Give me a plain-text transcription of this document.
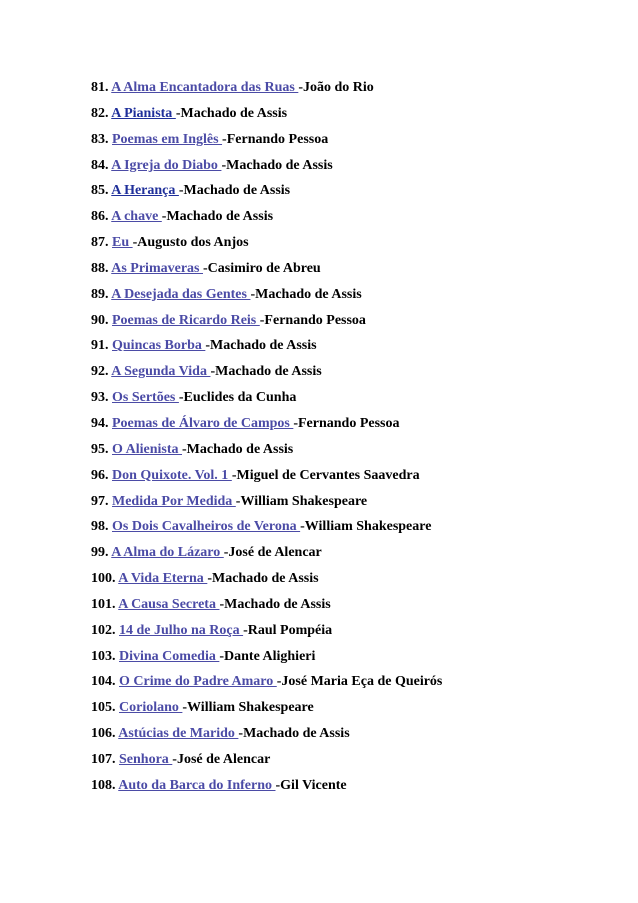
81. A Alma Encantadora das Ruas -João do Rio
82. A Pianista -Machado de Assis
83. Poemas em Inglês -Fernando Pessoa
84. A Igreja do Diabo -Machado de Assis
85. A Herança -Machado de Assis
86. A chave -Machado de Assis
87. Eu -Augusto dos Anjos
88. As Primaveras -Casimiro de Abreu
89. A Desejada das Gentes -Machado de Assis
90. Poemas de Ricardo Reis -Fernando Pessoa
91. Quincas Borba -Machado de Assis
92. A Segunda Vida -Machado de Assis
93. Os Sertões -Euclides da Cunha
94. Poemas de Álvaro de Campos -Fernando Pessoa
95. O Alienista -Machado de Assis
96. Don Quixote. Vol. 1 -Miguel de Cervantes Saavedra
97. Medida Por Medida -William Shakespeare
98. Os Dois Cavalheiros de Verona -William Shakespeare
99. A Alma do Lázaro -José de Alencar
100. A Vida Eterna -Machado de Assis
101. A Causa Secreta -Machado de Assis
102. 14 de Julho na Roça -Raul Pompéia
103. Divina Comedia -Dante Alighieri
104. O Crime do Padre Amaro -José Maria Eça de Queirós
105. Coriolano -William Shakespeare
106. Astúcias de Marido -Machado de Assis
107. Senhora -José de Alencar
108. Auto da Barca do Inferno -Gil Vicente
